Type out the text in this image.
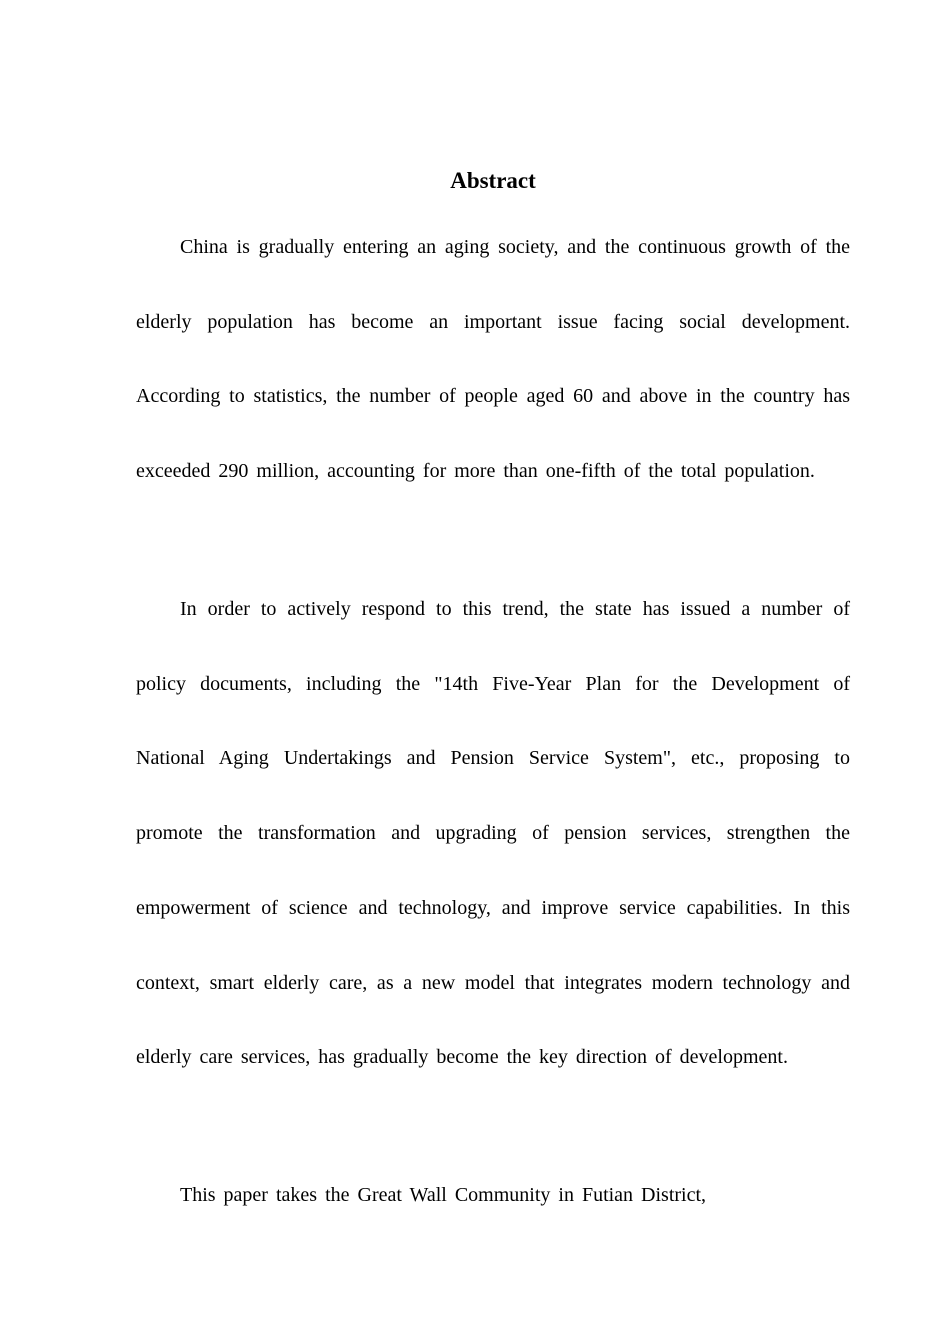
Abstract

China is gradually entering an aging society, and the continuous growth of the elderly population has become an important issue facing social development. According to statistics, the number of people aged 60 and above in the country has exceeded 290 million, accounting for more than one-fifth of the total population.

In order to actively respond to this trend, the state has issued a number of policy documents, including the "14th Five-Year Plan for the Development of National Aging Undertakings and Pension Service System", etc., proposing to promote the transformation and upgrading of pension services, strengthen the empowerment of science and technology, and improve service capabilities. In this context, smart elderly care, as a new model that integrates modern technology and elderly care services, has gradually become the key direction of development.

This paper takes the Great Wall Community in Futian District,
